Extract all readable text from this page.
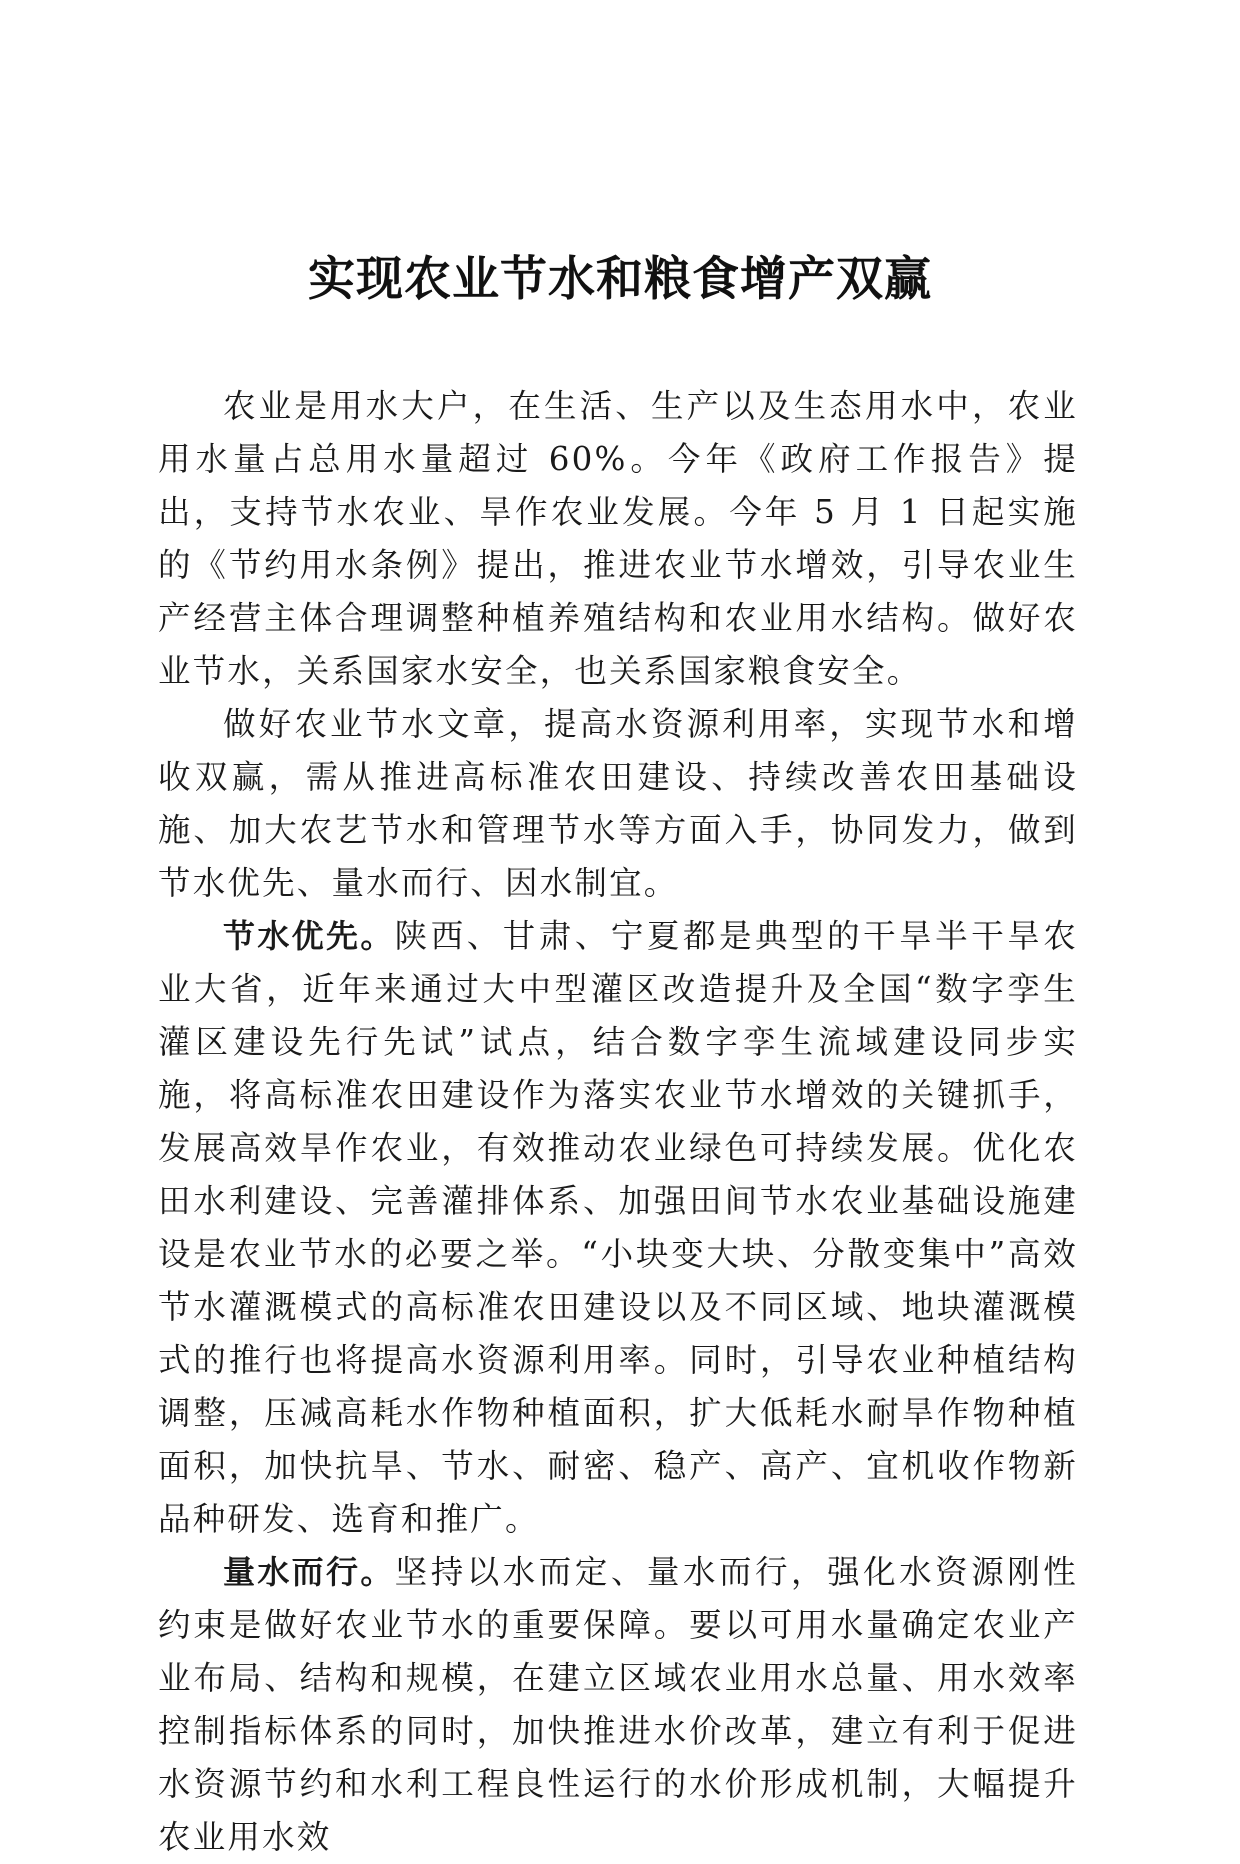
实现农业节水和粮食增产双赢

农业是用水大户，在生活、生产以及生态用水中，农业用水量占总用水量超过 60%。今年《政府工作报告》提出，支持节水农业、旱作农业发展。今年 5 月 1 日起实施的《节约用水条例》提出，推进农业节水增效，引导农业生产经营主体合理调整种植养殖结构和农业用水结构。做好农业节水，关系国家水安全，也关系国家粮食安全。

做好农业节水文章，提高水资源利用率，实现节水和增收双赢，需从推进高标准农田建设、持续改善农田基础设施、加大农艺节水和管理节水等方面入手，协同发力，做到节水优先、量水而行、因水制宜。

节水优先。陕西、甘肃、宁夏都是典型的干旱半干旱农业大省，近年来通过大中型灌区改造提升及全国“数字孪生灌区建设先行先试”试点，结合数字孪生流域建设同步实施，将高标准农田建设作为落实农业节水增效的关键抓手，发展高效旱作农业，有效推动农业绿色可持续发展。优化农田水利建设、完善灌排体系、加强田间节水农业基础设施建设是农业节水的必要之举。“小块变大块、分散变集中”高效节水灌溉模式的高标准农田建设以及不同区域、地块灌溉模式的推行也将提高水资源利用率。同时，引导农业种植结构调整，压减高耗水作物种植面积，扩大低耗水耐旱作物种植面积，加快抗旱、节水、耐密、稳产、高产、宜机收作物新品种研发、选育和推广。

量水而行。坚持以水而定、量水而行，强化水资源刚性约束是做好农业节水的重要保障。要以可用水量确定农业产业布局、结构和规模，在建立区域农业用水总量、用水效率控制指标体系的同时，加快推进水价改革，建立有利于促进水资源节约和水利工程良性运行的水价形成机制，大幅提升农业用水效
